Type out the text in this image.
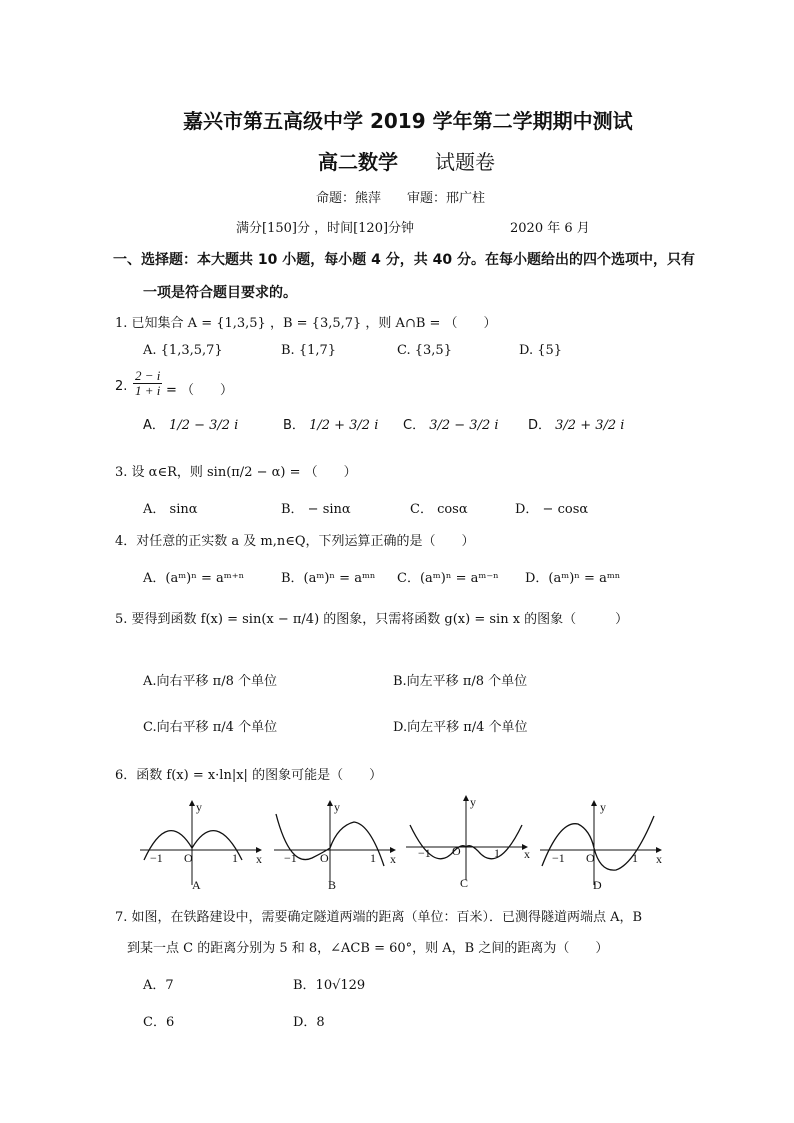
嘉兴市第五高级中学 2019 学年第二学期期中测试
高二数学 试题卷
命题：熊萍　　审题：邢广柱
满分[150]分 ，时间[120]分钟	2020 年 6 月
一、选择题：本大题共 10 小题，每小题 4 分，共 40 分。在每小题给出的四个选项中，只有
一项是符合题目要求的。
1. 已知集合 A = {1,3,5} ，B = {3,5,7} ，则 A∩B = （　　）
A. {1,3,5,7}	B. {1,7}	C. {3,5}	D. {5}
2. $\frac{2 - i}{1 + i}$ = （　　）
A． 1/2 − 3/2 i	B． 1/2 + 3/2 i C． 3/2 − 3/2 i D． 3/2 + 3/2 i
3. 设 α∈R，则 sin(π/2 − α) = （　　）
A． sinα	B． − sinα	C． cosα	D． − cosα
4．对任意的正实数 a 及 m,n∈Q，下列运算正确的是（　　）
A．(aᵐ)ⁿ = aᵐ⁺ⁿ	B．(aᵐ)ⁿ = aᵐⁿ C．(aᵐ)ⁿ = aᵐ⁻ⁿ D．(aᵐ)ⁿ = aᵐⁿ
5. 要得到函数 f(x) = sin(x − π/4) 的图象，只需将函数 g(x) = sin x 的图象（　　　）
A.向右平移 π/8 个单位	B.向左平移 π/8 个单位
C.向右平移 π/4 个单位	D.向左平移 π/4 个单位
6．函数 f(x) = x·ln|x| 的图象可能是（　　）
y
x
O
−1	1
A
y
x
O
−1	1
B
y
x
O
−1	1
C
y
x
O
−1	1
D
7. 如图，在铁路建设中，需要确定隧道两端的距离（单位：百米）．已测得隧道两端点 A，B
到某一点 C 的距离分别为 5 和 8，∠ACB = 60°，则 A，B 之间的距离为（　　）
A．7	B．10√129
C．6	D．8
